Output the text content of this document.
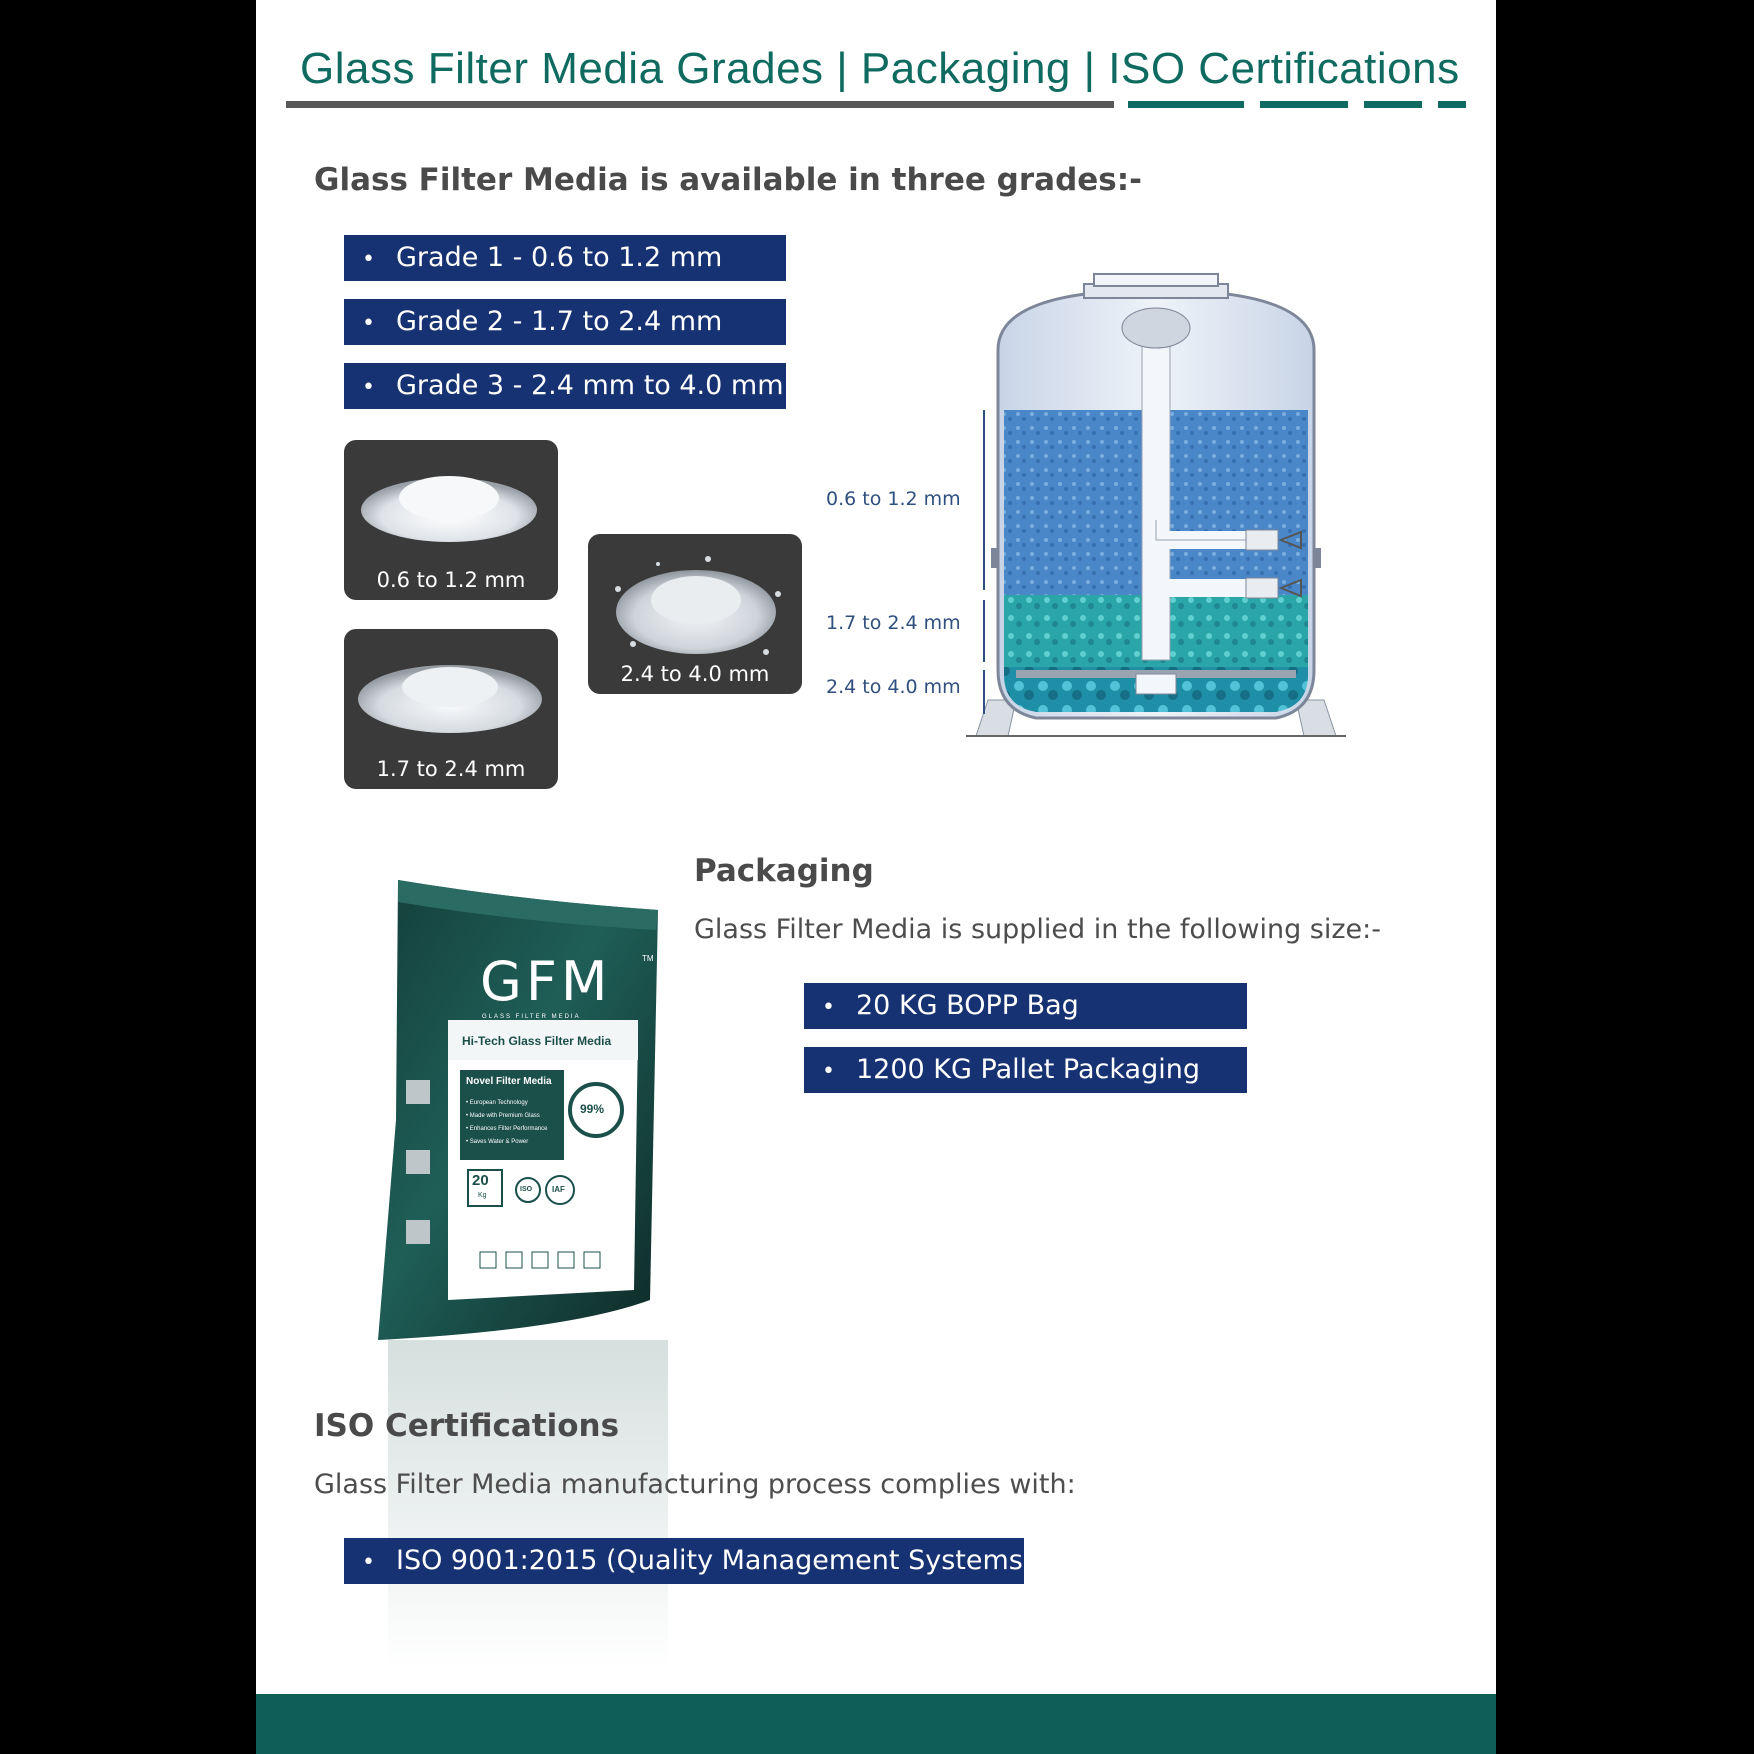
Glass Filter Media Grades | Packaging | ISO Certifications
Glass Filter Media is available in three grades:-
• Grade 1 - 0.6 to 1.2 mm
• Grade 2 - 1.7 to 2.4 mm
• Grade 3 - 2.4 mm to 4.0 mm
0.6 to 1.2 mm
2.4 to 4.0 mm
1.7 to 2.4 mm
0.6 to 1.2 mm
1.7 to 2.4 mm
2.4 to 4.0 mm
GFM	TM
GLASS FILTER MEDIA
Hi-Tech Glass Filter Media
Hi-Tech Glass Filter Media	Novel Filter Media
• European Technology
• Made with Premium Glass
• Enhances Filter Performance
• Saves Water & Power
99%
20
Kg
ISO IAF
Packaging
Glass Filter Media is supplied in the following size:-
• 20 KG BOPP Bag
• 1200 KG Pallet Packaging
ISO Certifications
Glass Filter Media manufacturing process complies with:
• ISO 9001:2015 (Quality Management Systems)
